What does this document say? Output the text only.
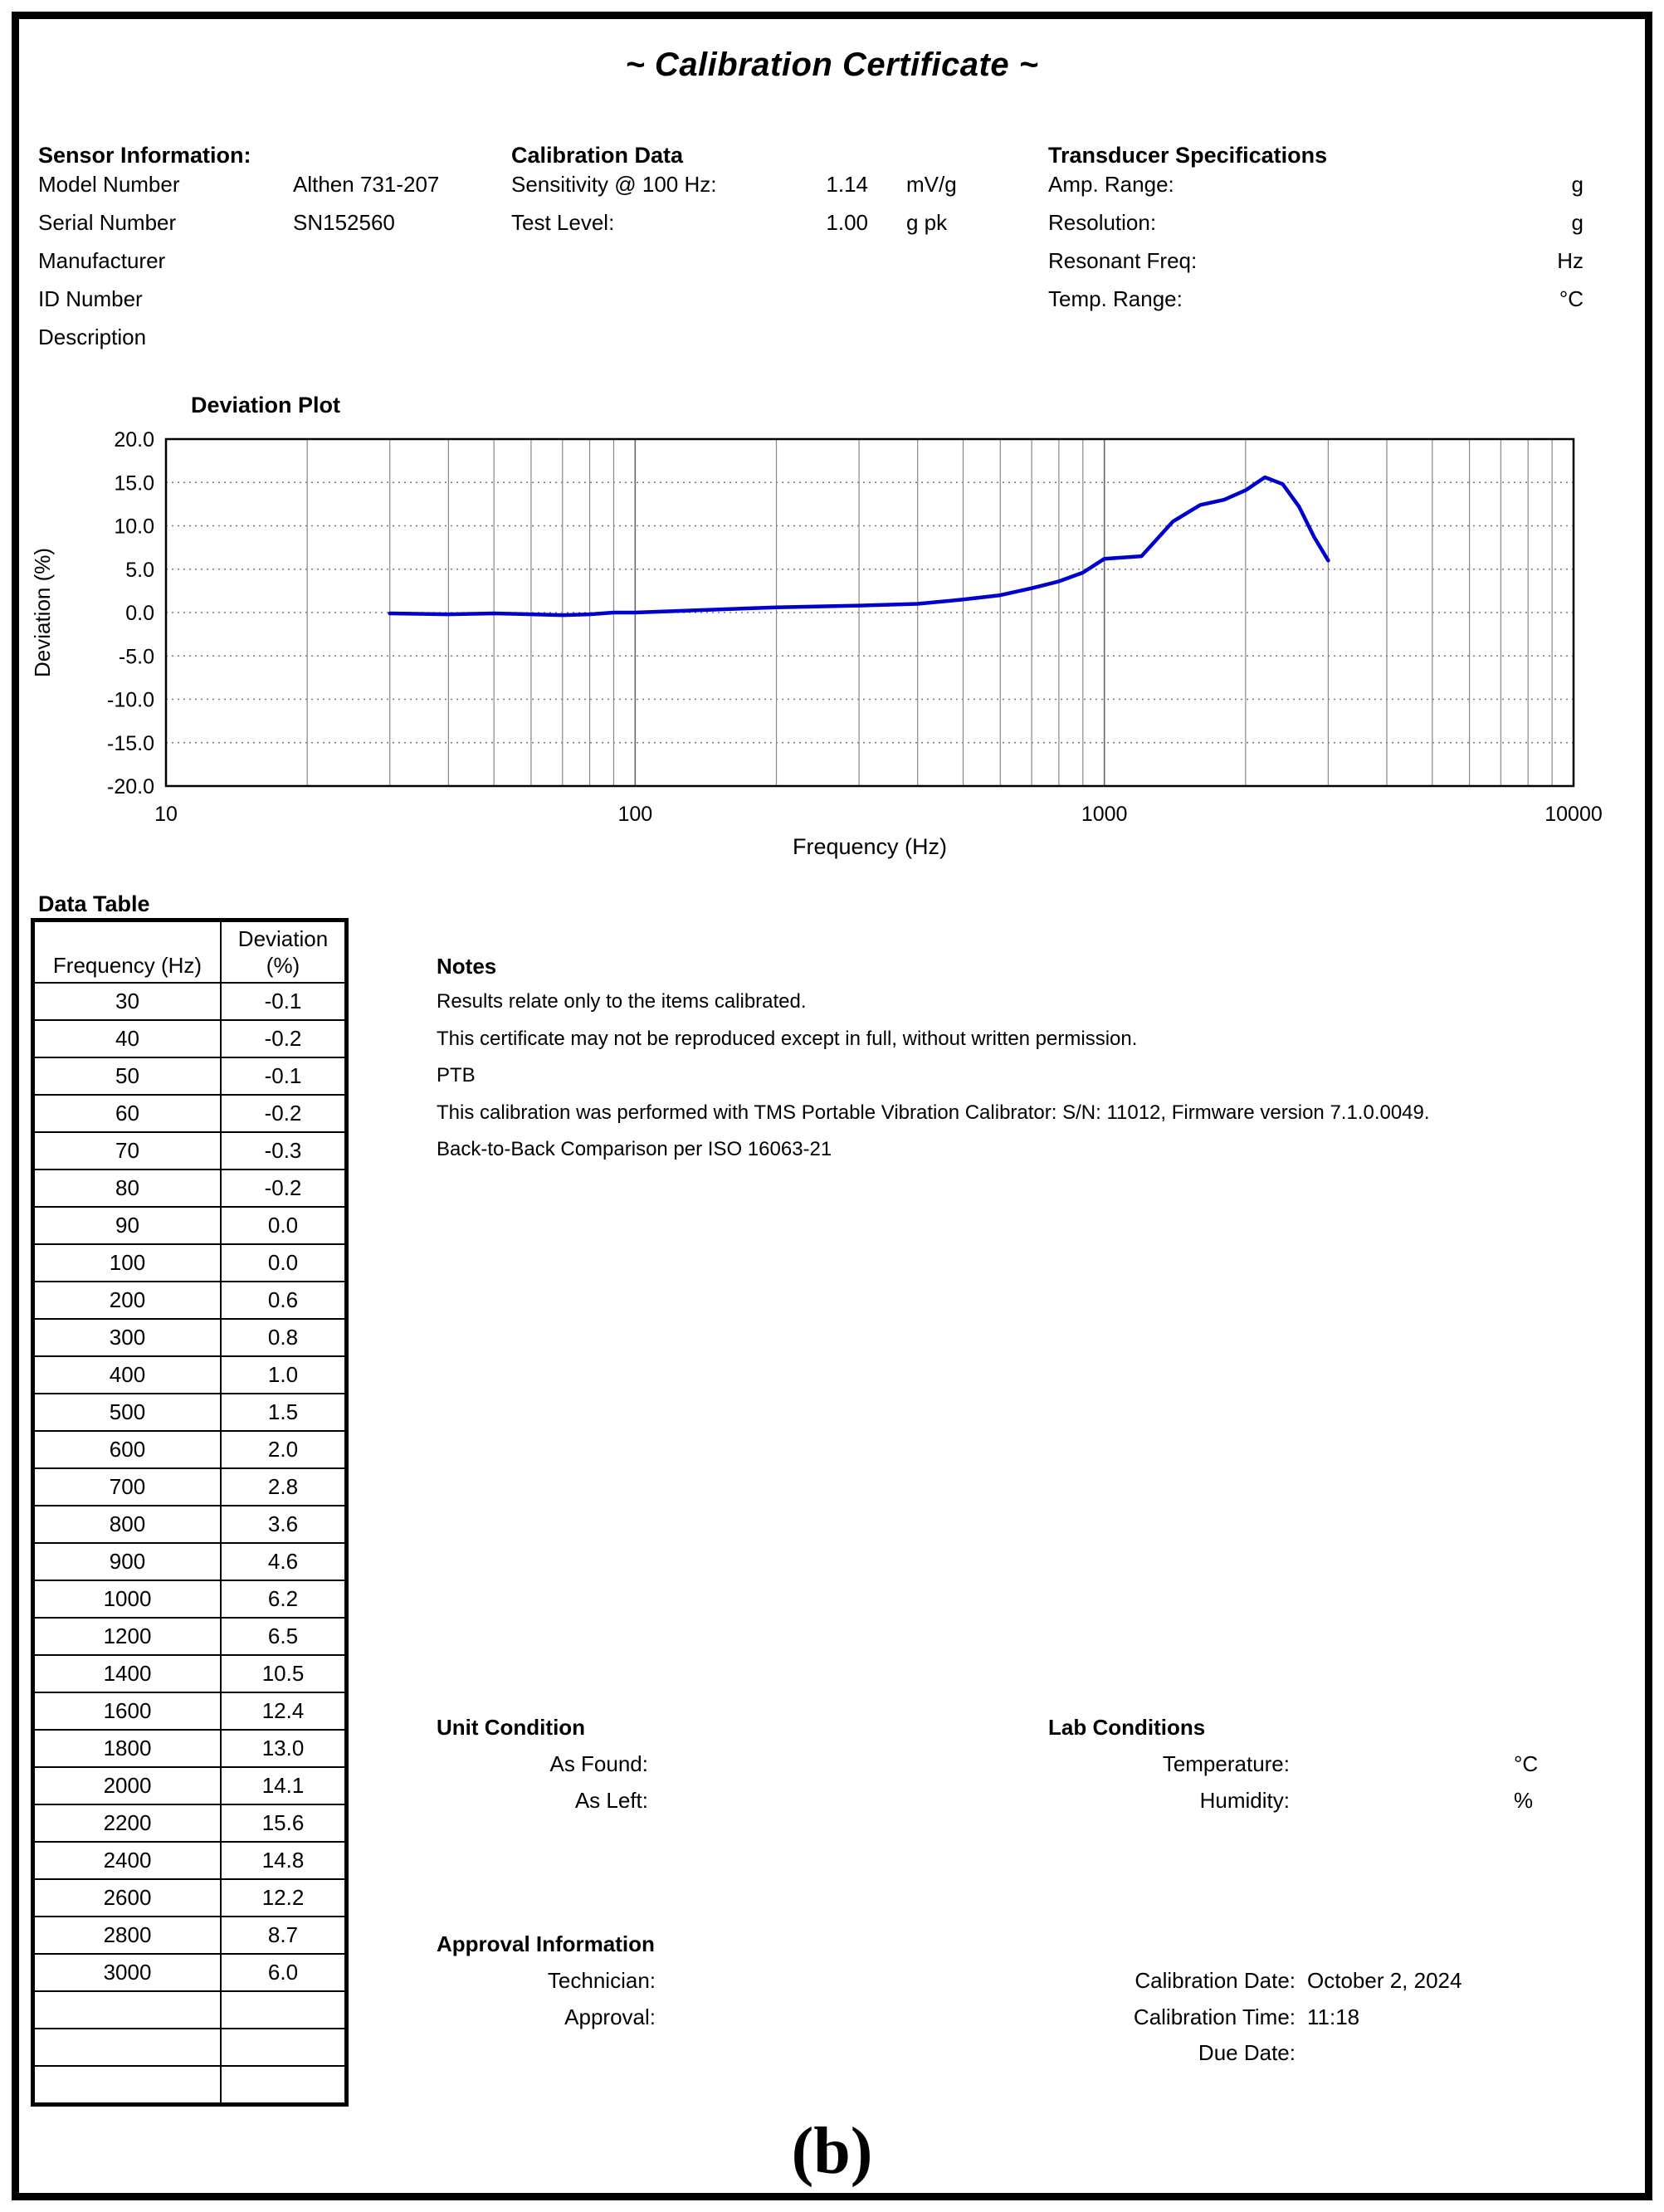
~ Calibration Certificate ~
Sensor Information:
Model Number	Althen 731-207
Serial Number	SN152560
Manufacturer
ID Number
Description
Calibration Data
Sensitivity @ 100 Hz:	1.14 mV/g
Test Level:	1.00 g pk
Transducer Specifications
Amp. Range:	g
Resolution:	g
Resonant Freq:	Hz
Temp. Range:	°C
Deviation Plot
20.0
15.0
10.0
5.0
0.0
-5.0
-10.0
-15.0
-20.0
10	100	1000	10000
Frequency (Hz)
Deviation (%)
Data Table
Frequency (Hz)	Deviation
(%)

30	-0.1
40	-0.2
50	-0.1
60	-0.2
70	-0.3
80	-0.2
90	0.0
100	0.0
200	0.6
300	0.8
400	1.0
500	1.5
600	2.0
700	2.8
800	3.6
900	4.6
1000	6.2
1200	6.5
1400	10.5
1600	12.4
1800	13.0
2000	14.1
2200	15.6
2400	14.8
2600	12.2
2800	8.7
3000	6.0

Notes
Results relate only to the items calibrated.
This certificate may not be reproduced except in full, without written permission.
PTB
This calibration was performed with TMS Portable Vibration Calibrator: S/N: 11012, Firmware version 7.1.0.0049.
Back-to-Back Comparison per ISO 16063-21
Unit Condition
As Found:
As Left:
Lab Conditions
Temperature:	°C
Humidity:	%
Approval Information
Technician:
Approval:
Calibration Date: October 2, 2024
Calibration Time: 11:18
Due Date:
(b)
